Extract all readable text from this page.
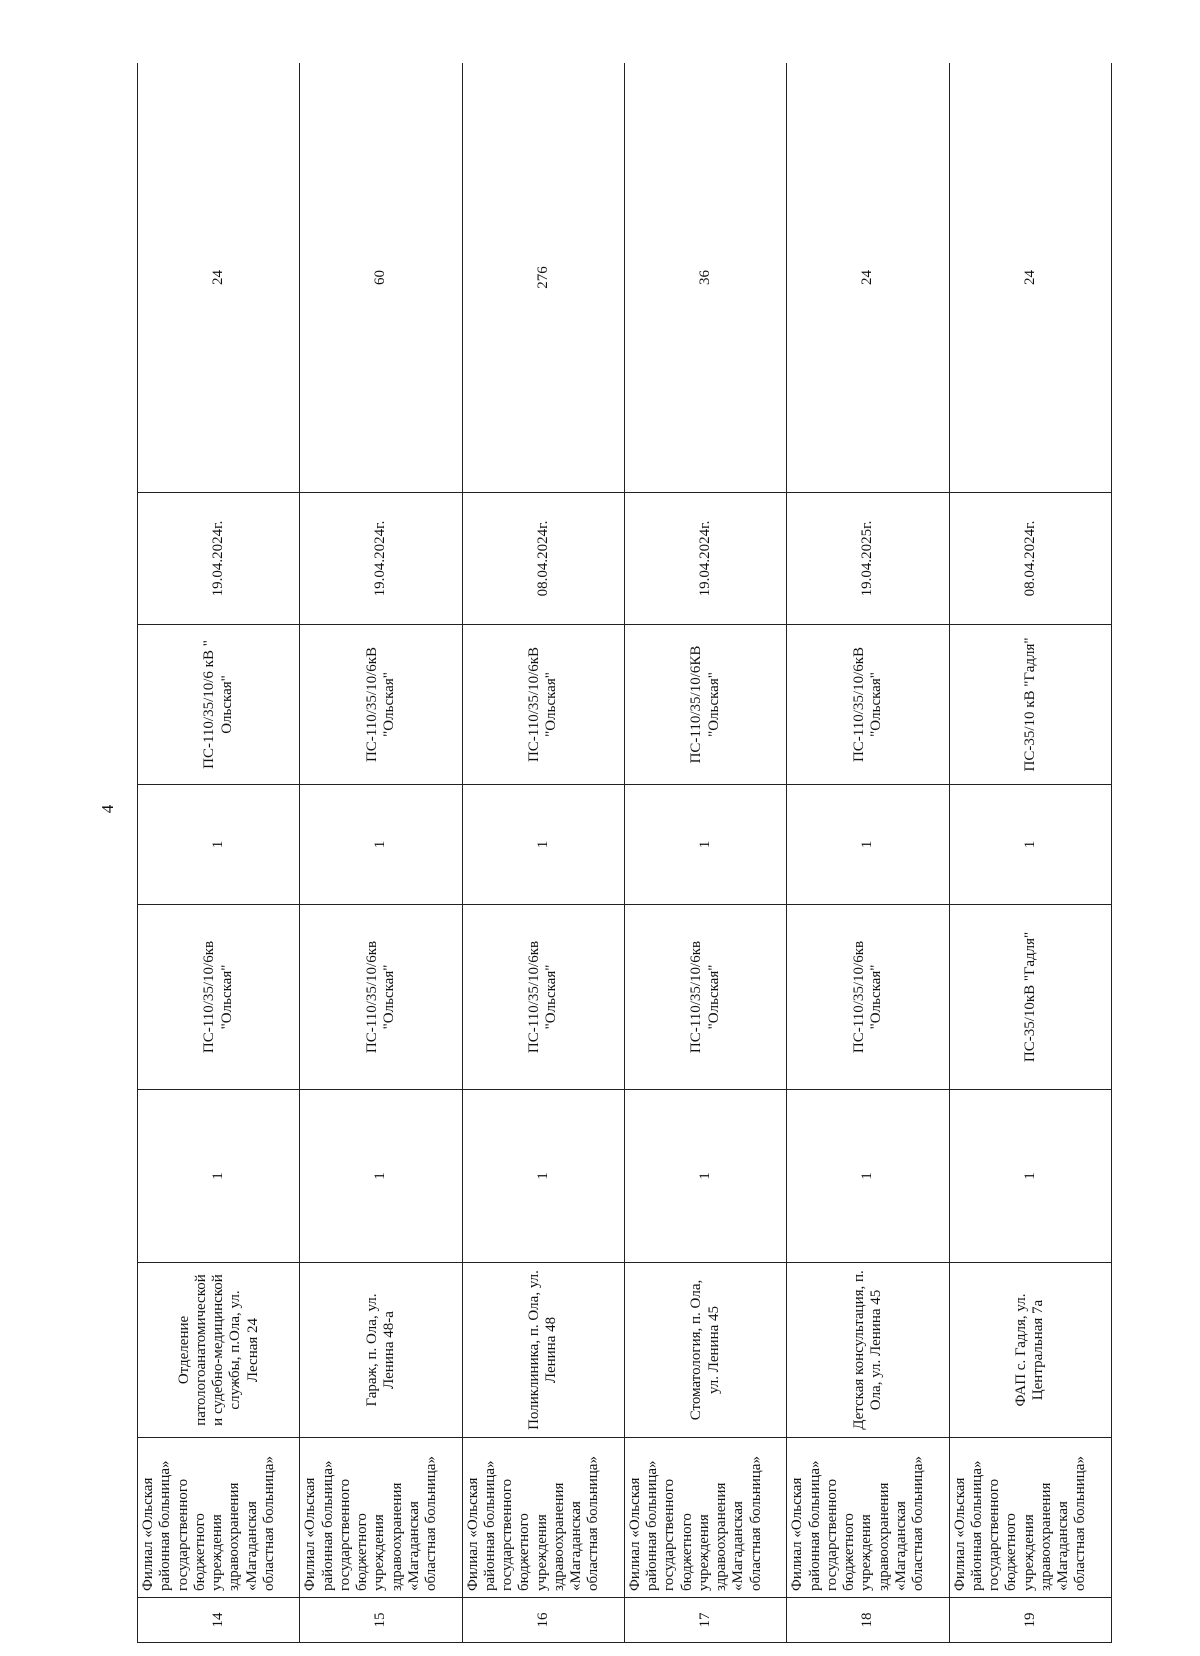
4
14	Филиал «Ольская районная больница» государственного бюджетного учреждения здравоохранения «Магаданская областная больница»	Отделение патологоанатомической и судебно-медицинской службы, п.Ола, ул. Лесная 24	1	ПС-110/35/10/6кв "Ольская"	1	ПС-110/35/10/6 кВ " Ольская"	19.04.2024г.	24
15	Филиал «Ольская районная больница» государственного бюджетного учреждения здравоохранения «Магаданская областная больница»	Гараж, п. Ола, ул. Ленина 48-а	1	ПС-110/35/10/6кв "Ольская"	1	ПС-110/35/10/6кВ "Ольская"	19.04.2024г.	60
16	Филиал «Ольская районная больница» государственного бюджетного учреждения здравоохранения «Магаданская областная больница»	Поликлиника, п. Ола, ул. Ленина 48	1	ПС-110/35/10/6кв "Ольская"	1	ПС-110/35/10/6кВ "Ольская"	08.04.2024г.	276
17	Филиал «Ольская районная больница» государственного бюджетного учреждения здравоохранения «Магаданская областная больница»	Стоматология, п. Ола, ул. Ленина 45	1	ПС-110/35/10/6кв "Ольская"	1	ПС-110/35/10/6КВ "Ольская"	19.04.2024г.	36
18	Филиал «Ольская районная больница» государственного бюджетного учреждения здравоохранения «Магаданская областная больница»	Детская консультация, п. Ола, ул. Ленина 45	1	ПС-110/35/10/6кв "Ольская"	1	ПС-110/35/10/6кВ "Ольская"	19.04.2025г.	24
19	Филиал «Ольская районная больница» государственного бюджетного учреждения здравоохранения «Магаданская областная больница»	ФАП с. Гадля, ул. Центральная 7а	1	ПС-35/10кВ "Гадля"	1	ПС-35/10 кВ "Гадля"	08.04.2024г.	24
